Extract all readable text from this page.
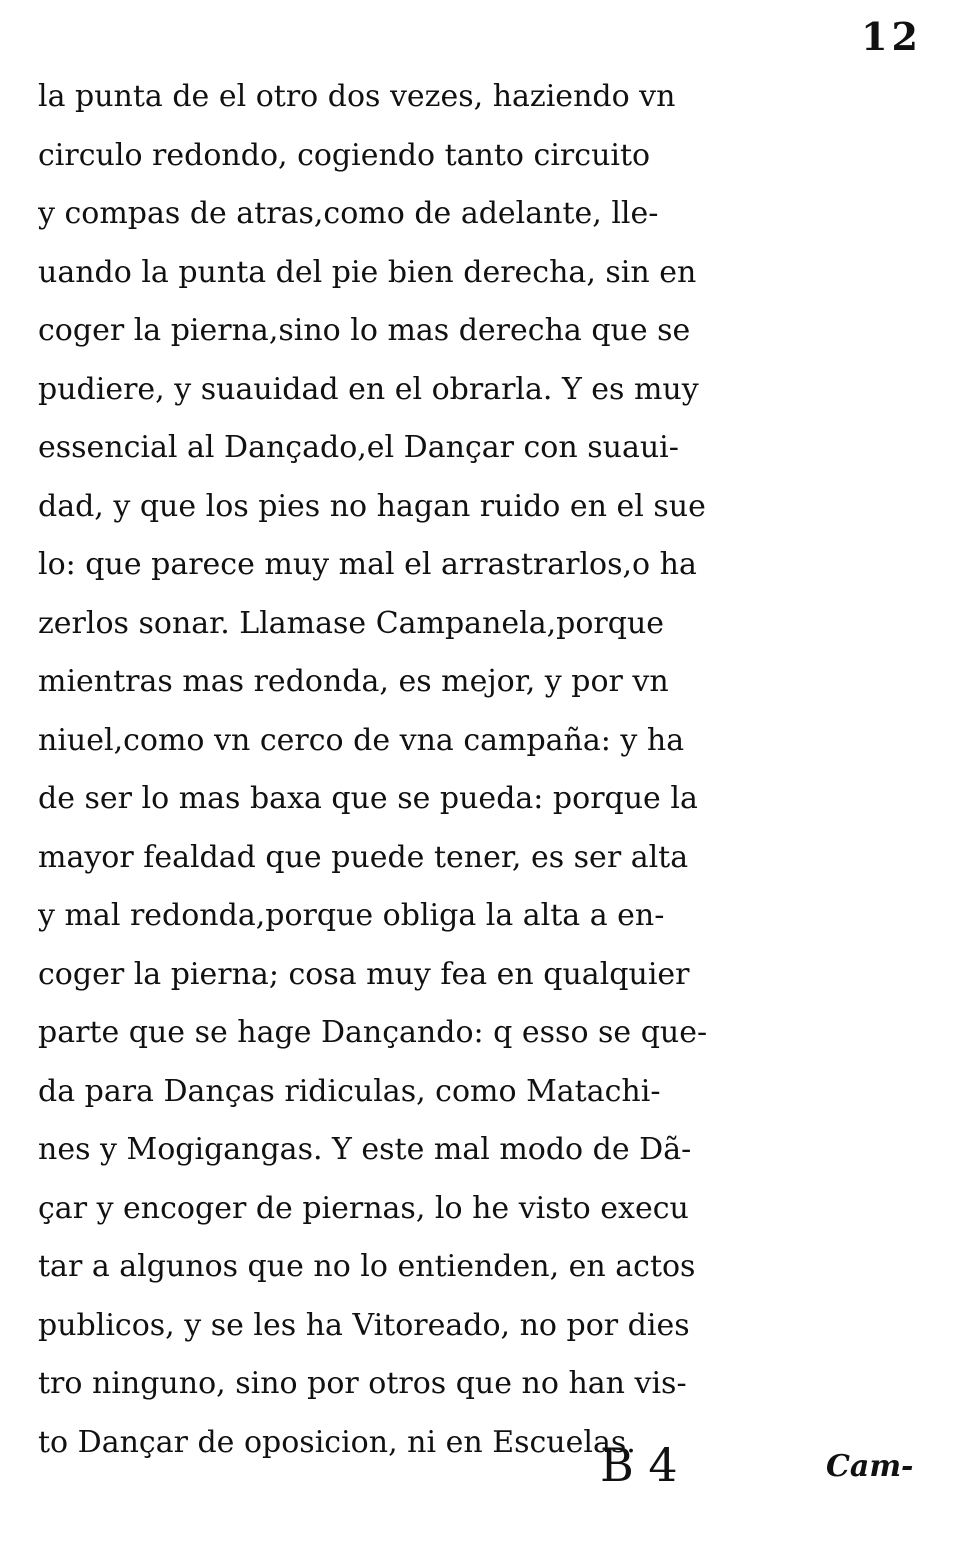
12
la punta de el otro dos vezes, haziendo vn
circulo redondo, cogiendo tanto circuito
y compas de atras,como de adelante, lle-
uando la punta del pie bien derecha, sin en
coger la pierna,sino lo mas derecha que se
pudiere, y suauidad en el obrarla. Y es muy
essencial al Dançado,el Dançar con suaui-
dad, y que los pies no hagan ruido en el sue
lo: que parece muy mal el arrastrarlos,o ha
zerlos sonar. Llamase Campanela,porque
mientras mas redonda, es mejor, y por vn
niuel,como vn cerco de vna campaña: y ha
de ser lo mas baxa que se pueda: porque la
mayor fealdad que puede tener, es ser alta
y mal redonda,porque obliga la alta a en-
coger la pierna; cosa muy fea en qualquier
parte que se hage Dançando: q esso se que-
da para Danças ridiculas, como Matachi-
nes y Mogigangas. Y este mal modo de Dã-
çar y encoger de piernas, lo he visto execu
tar a algunos que no lo entienden, en actos
publicos, y se les ha Vitoreado, no por dies
tro ninguno, sino por otros que no han vis-
to Dançar de oposicion, ni en Escuelas.
B 4	Cam-
